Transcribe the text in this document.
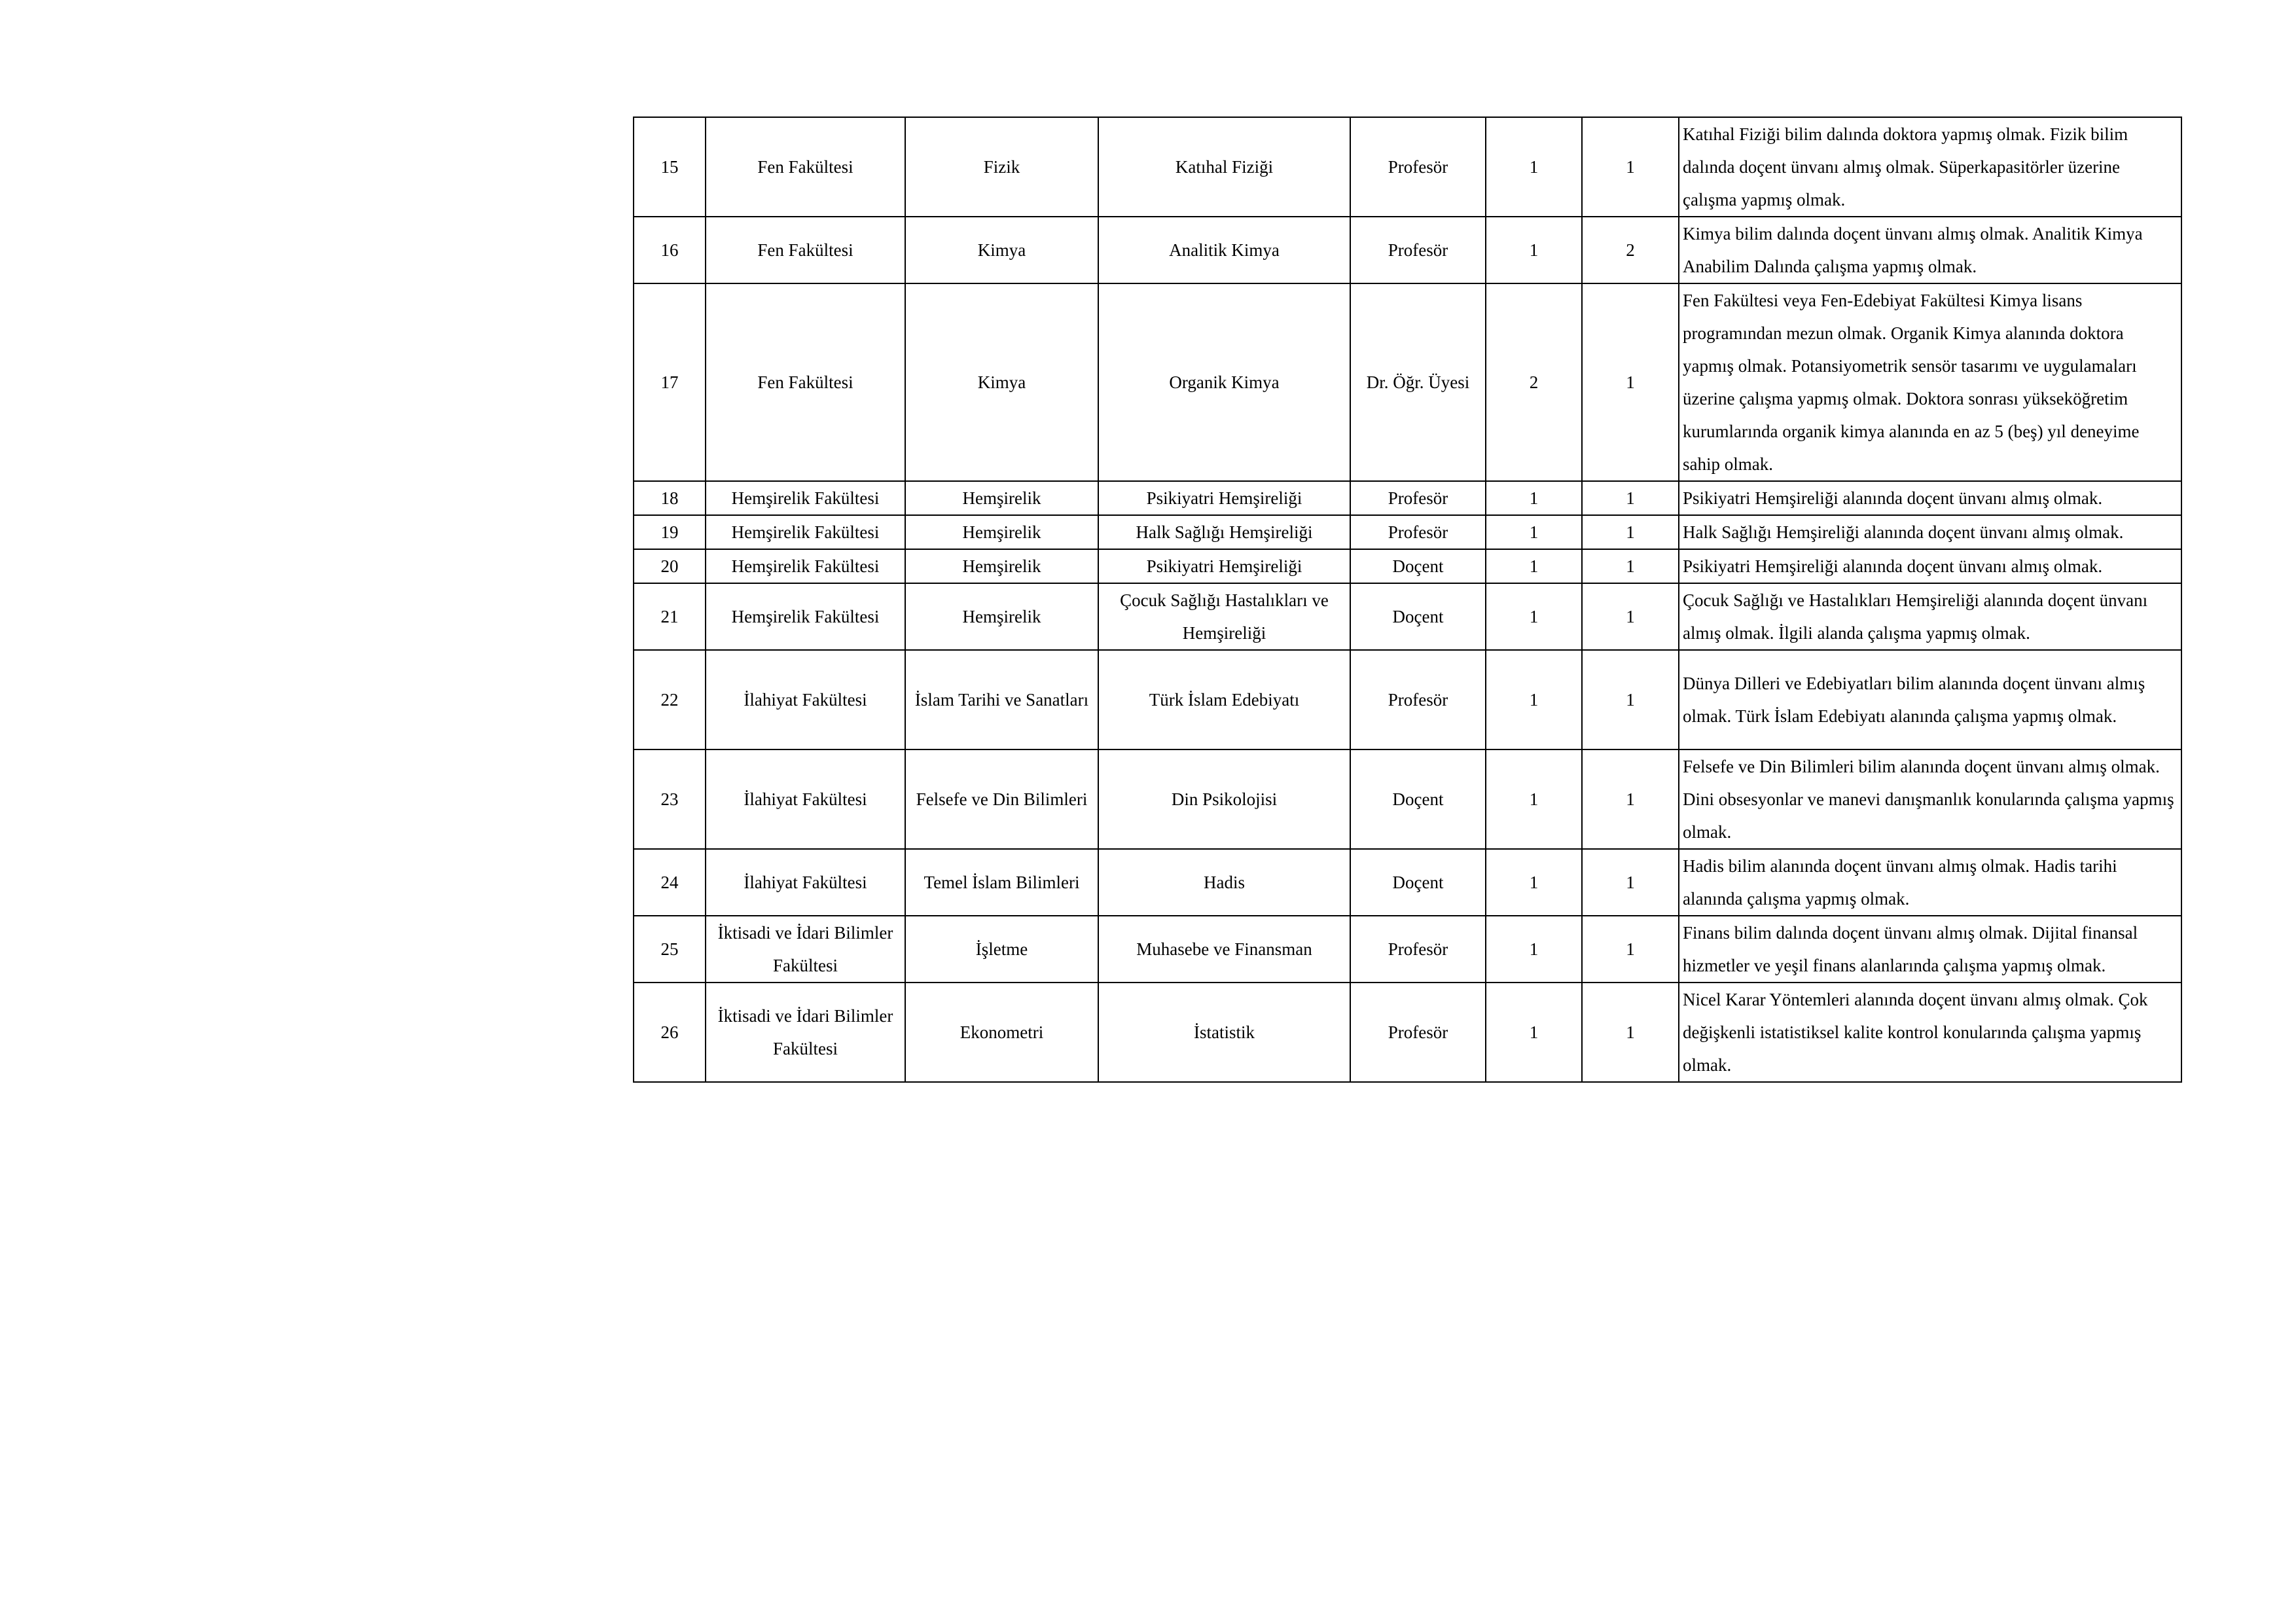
15	Fen Fakültesi	Fizik	Katıhal Fiziği	Profesör	1	1	Katıhal Fiziği bilim dalında doktora yapmış olmak. Fizik bilim dalında doçent ünvanı almış olmak. Süperkapasitörler üzerine çalışma yapmış olmak.
16	Fen Fakültesi	Kimya	Analitik Kimya	Profesör	1	2	Kimya bilim dalında doçent ünvanı almış olmak. Analitik Kimya Anabilim Dalında çalışma yapmış olmak.
17	Fen Fakültesi	Kimya	Organik Kimya	Dr. Öğr. Üyesi	2	1	Fen Fakültesi veya Fen-Edebiyat Fakültesi Kimya lisans programından mezun olmak. Organik Kimya alanında doktora yapmış olmak. Potansiyometrik sensör tasarımı ve uygulamaları üzerine çalışma yapmış olmak. Doktora sonrası yükseköğretim kurumlarında organik kimya alanında en az 5 (beş) yıl deneyime sahip olmak.
18	Hemşirelik Fakültesi	Hemşirelik	Psikiyatri Hemşireliği	Profesör	1	1	Psikiyatri Hemşireliği alanında doçent ünvanı almış olmak.
19	Hemşirelik Fakültesi	Hemşirelik	Halk Sağlığı Hemşireliği	Profesör	1	1	Halk Sağlığı Hemşireliği alanında doçent ünvanı almış olmak.
20	Hemşirelik Fakültesi	Hemşirelik	Psikiyatri Hemşireliği	Doçent	1	1	Psikiyatri Hemşireliği alanında doçent ünvanı almış olmak.
21	Hemşirelik Fakültesi	Hemşirelik	Çocuk Sağlığı Hastalıkları ve Hemşireliği	Doçent	1	1	Çocuk Sağlığı ve Hastalıkları Hemşireliği alanında doçent ünvanı almış olmak. İlgili alanda çalışma yapmış olmak.
22	İlahiyat Fakültesi	İslam Tarihi ve Sanatları	Türk İslam Edebiyatı	Profesör	1	1	Dünya Dilleri ve Edebiyatları bilim alanında doçent ünvanı almış olmak. Türk İslam Edebiyatı alanında çalışma yapmış olmak.
23	İlahiyat Fakültesi	Felsefe ve Din Bilimleri	Din Psikolojisi	Doçent	1	1	Felsefe ve Din Bilimleri bilim alanında doçent ünvanı almış olmak. Dini obsesyonlar ve manevi danışmanlık konularında çalışma yapmış olmak.
24	İlahiyat Fakültesi	Temel İslam Bilimleri	Hadis	Doçent	1	1	Hadis bilim alanında doçent ünvanı almış olmak. Hadis tarihi alanında çalışma yapmış olmak.
25	İktisadi ve İdari Bilimler Fakültesi	İşletme	Muhasebe ve Finansman	Profesör	1	1	Finans bilim dalında doçent ünvanı almış olmak. Dijital finansal hizmetler ve yeşil finans alanlarında çalışma yapmış olmak.
26	İktisadi ve İdari Bilimler Fakültesi	Ekonometri	İstatistik	Profesör	1	1	Nicel Karar Yöntemleri alanında doçent ünvanı almış olmak. Çok değişkenli istatistiksel kalite kontrol konularında çalışma yapmış olmak.
